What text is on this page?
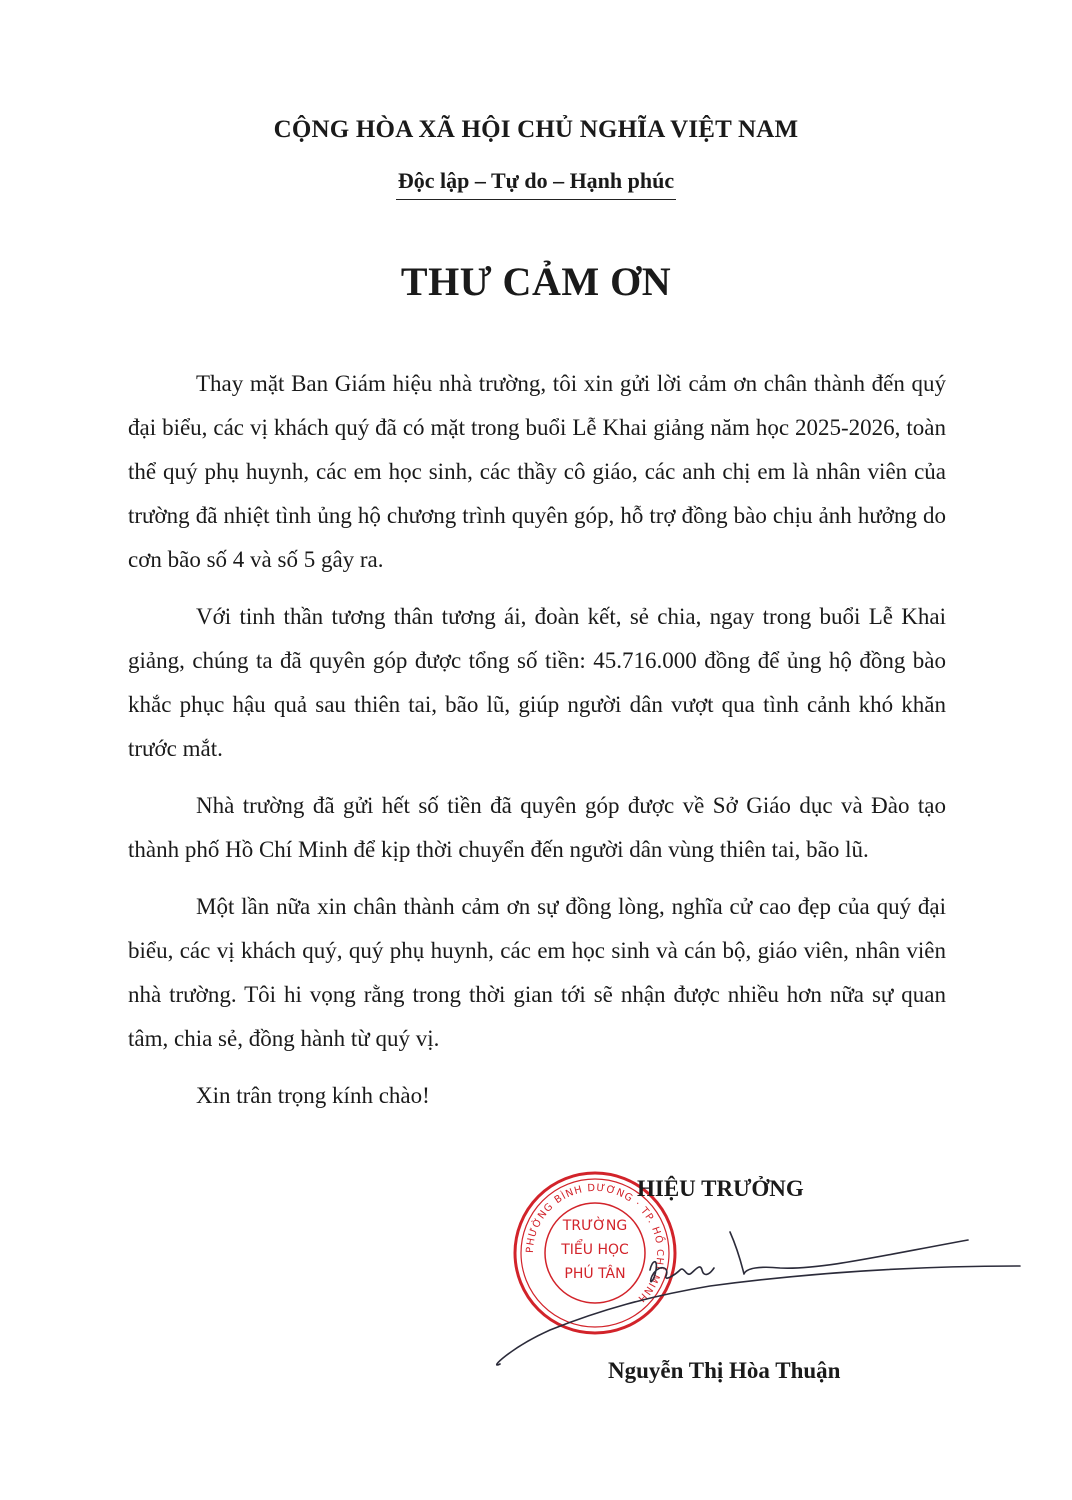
CỘNG HÒA XÃ HỘI CHỦ NGHĨA VIỆT NAM
Độc lập – Tự do – Hạnh phúc
THƯ CẢM ƠN

Thay mặt Ban Giám hiệu nhà trường, tôi xin gửi lời cảm ơn chân thành đến quý đại biểu, các vị khách quý đã có mặt trong buổi Lễ Khai giảng năm học 2025-2026, toàn thể quý phụ huynh, các em học sinh, các thầy cô giáo, các anh chị em là nhân viên của trường đã nhiệt tình ủng hộ chương trình quyên góp, hỗ trợ đồng bào chịu ảnh hưởng do cơn bão số 4 và số 5 gây ra.

Với tinh thần tương thân tương ái, đoàn kết, sẻ chia, ngay trong buổi Lễ Khai giảng, chúng ta đã quyên góp được tổng số tiền: 45.716.000 đồng để ủng hộ đồng bào khắc phục hậu quả sau thiên tai, bão lũ, giúp người dân vượt qua tình cảnh khó khăn trước mắt.

Nhà trường đã gửi hết số tiền đã quyên góp được về Sở Giáo dục và Đào tạo thành phố Hồ Chí Minh để kịp thời chuyển đến người dân vùng thiên tai, bão lũ.

Một lần nữa xin chân thành cảm ơn sự đồng lòng, nghĩa cử cao đẹp của quý đại biểu, các vị khách quý, quý phụ huynh, các em học sinh và cán bộ, giáo viên, nhân viên nhà trường. Tôi hi vọng rằng trong thời gian tới sẽ nhận được nhiều hơn nữa sự quan tâm, chia sẻ, đồng hành từ quý vị.

Xin trân trọng kính chào!

PHƯỜNG BÌNH DƯƠNG · TP. HỒ CHÍ MINH
TRƯỜNG
TIỂU HỌC
PHÚ TÂN
HIỆU TRƯỞNG
Nguyễn Thị Hòa Thuận
